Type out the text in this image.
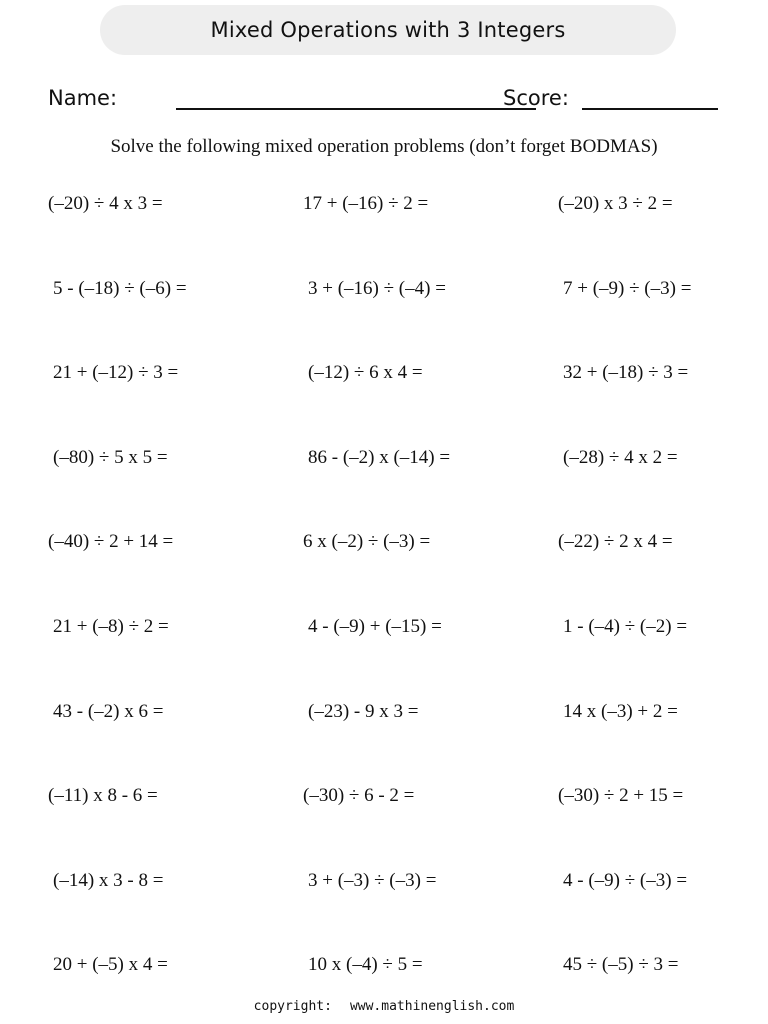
Mixed Operations with 3 Integers
Name:	Score:
Solve the following mixed operation problems (don’t forget BODMAS)
(–20) ÷ 4 x 3 =	17 + (–16) ÷ 2 =	(–20) x 3 ÷ 2 =
5 - (–18) ÷ (–6) =	3 + (–16) ÷ (–4) =	7 + (–9) ÷ (–3) =
21 + (–12) ÷ 3 =	(–12) ÷ 6 x 4 =	32 + (–18) ÷ 3 =
(–80) ÷ 5 x 5 =	86 - (–2) x (–14) =	(–28) ÷ 4 x 2 =
(–40) ÷ 2 + 14 =	6 x (–2) ÷ (–3) =	(–22) ÷ 2 x 4 =
21 + (–8) ÷ 2 =	4 - (–9) + (–15) =	1 - (–4) ÷ (–2) =
43 - (–2) x 6 =	(–23) - 9 x 3 =	14 x (–3) + 2 =
(–11) x 8 - 6 =	(–30) ÷ 6 - 2 =	(–30) ÷ 2 + 15 =
(–14) x 3 - 8 =	3 + (–3) ÷ (–3) =	4 - (–9) ÷ (–3) =
20 + (–5) x 4 =	10 x (–4) ÷ 5 =	45 ÷ (–5) ÷ 3 =
copyright: www.mathinenglish.com
